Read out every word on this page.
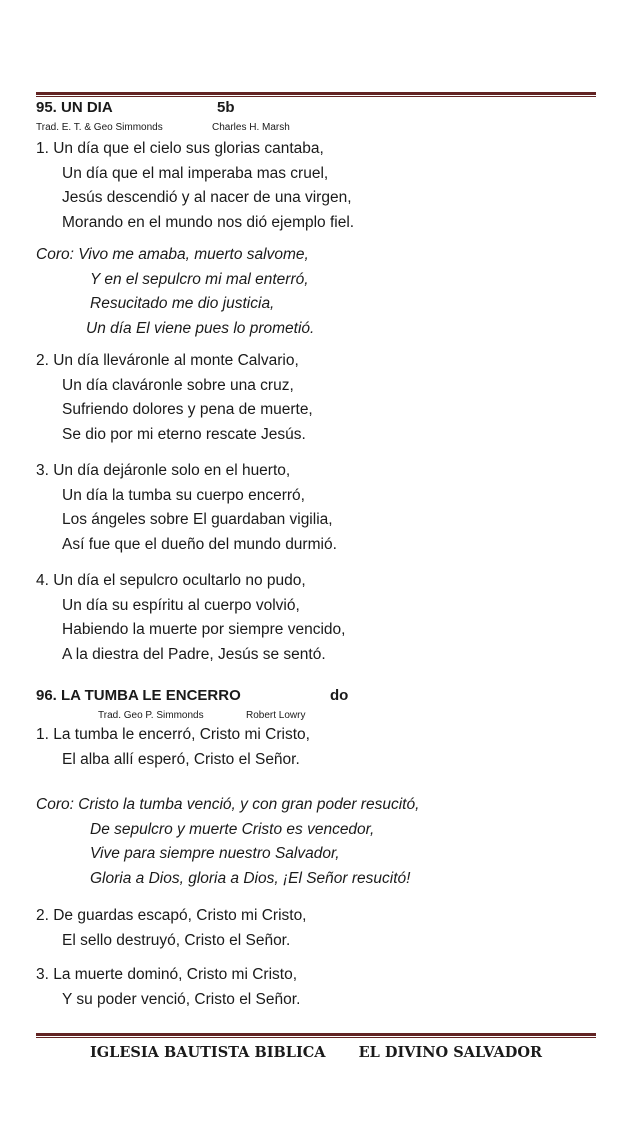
95. UN DIA	5b
Trad. E. T. & Geo Simmonds	Charles H. Marsh
1. Un día que el cielo sus glorias cantaba,
Un día que el mal imperaba mas cruel,
Jesús descendió y al nacer de una virgen,
Morando en el mundo nos dió ejemplo fiel.
Coro: Vivo me amaba, muerto salvome,
Y en el sepulcro mi mal enterró,
Resucitado me dio justicia,
Un día El viene pues lo prometió.
2. Un día lleváronle al monte Calvario,
Un día claváronle sobre una cruz,
Sufriendo dolores y pena de muerte,
Se dio por mi eterno rescate Jesús.
3. Un día dejáronle solo en el huerto,
Un día la tumba su cuerpo encerró,
Los ángeles sobre El guardaban vigilia,
Así fue que el dueño del mundo durmió.
4. Un día el sepulcro ocultarlo no pudo,
Un día su espíritu al cuerpo volvió,
Habiendo la muerte por siempre vencido,
A la diestra del Padre, Jesús se sentó.
96. LA TUMBA LE ENCERRO	do
Trad. Geo P. Simmonds	Robert Lowry
1. La tumba le encerró, Cristo mi Cristo,
El alba allí esperó, Cristo el Señor.
Coro: Cristo la tumba venció, y con gran poder resucitó,
De sepulcro y muerte Cristo es vencedor,
Vive para siempre nuestro Salvador,
Gloria a Dios, gloria a Dios, ¡El Señor resucitó!
2. De guardas escapó, Cristo mi Cristo,
El sello destruyó, Cristo el Señor.
3. La muerte dominó, Cristo mi Cristo,
Y su poder venció, Cristo el Señor.
IGLESIA BAUTISTA BIBLICA EL DIVINO SALVADOR
